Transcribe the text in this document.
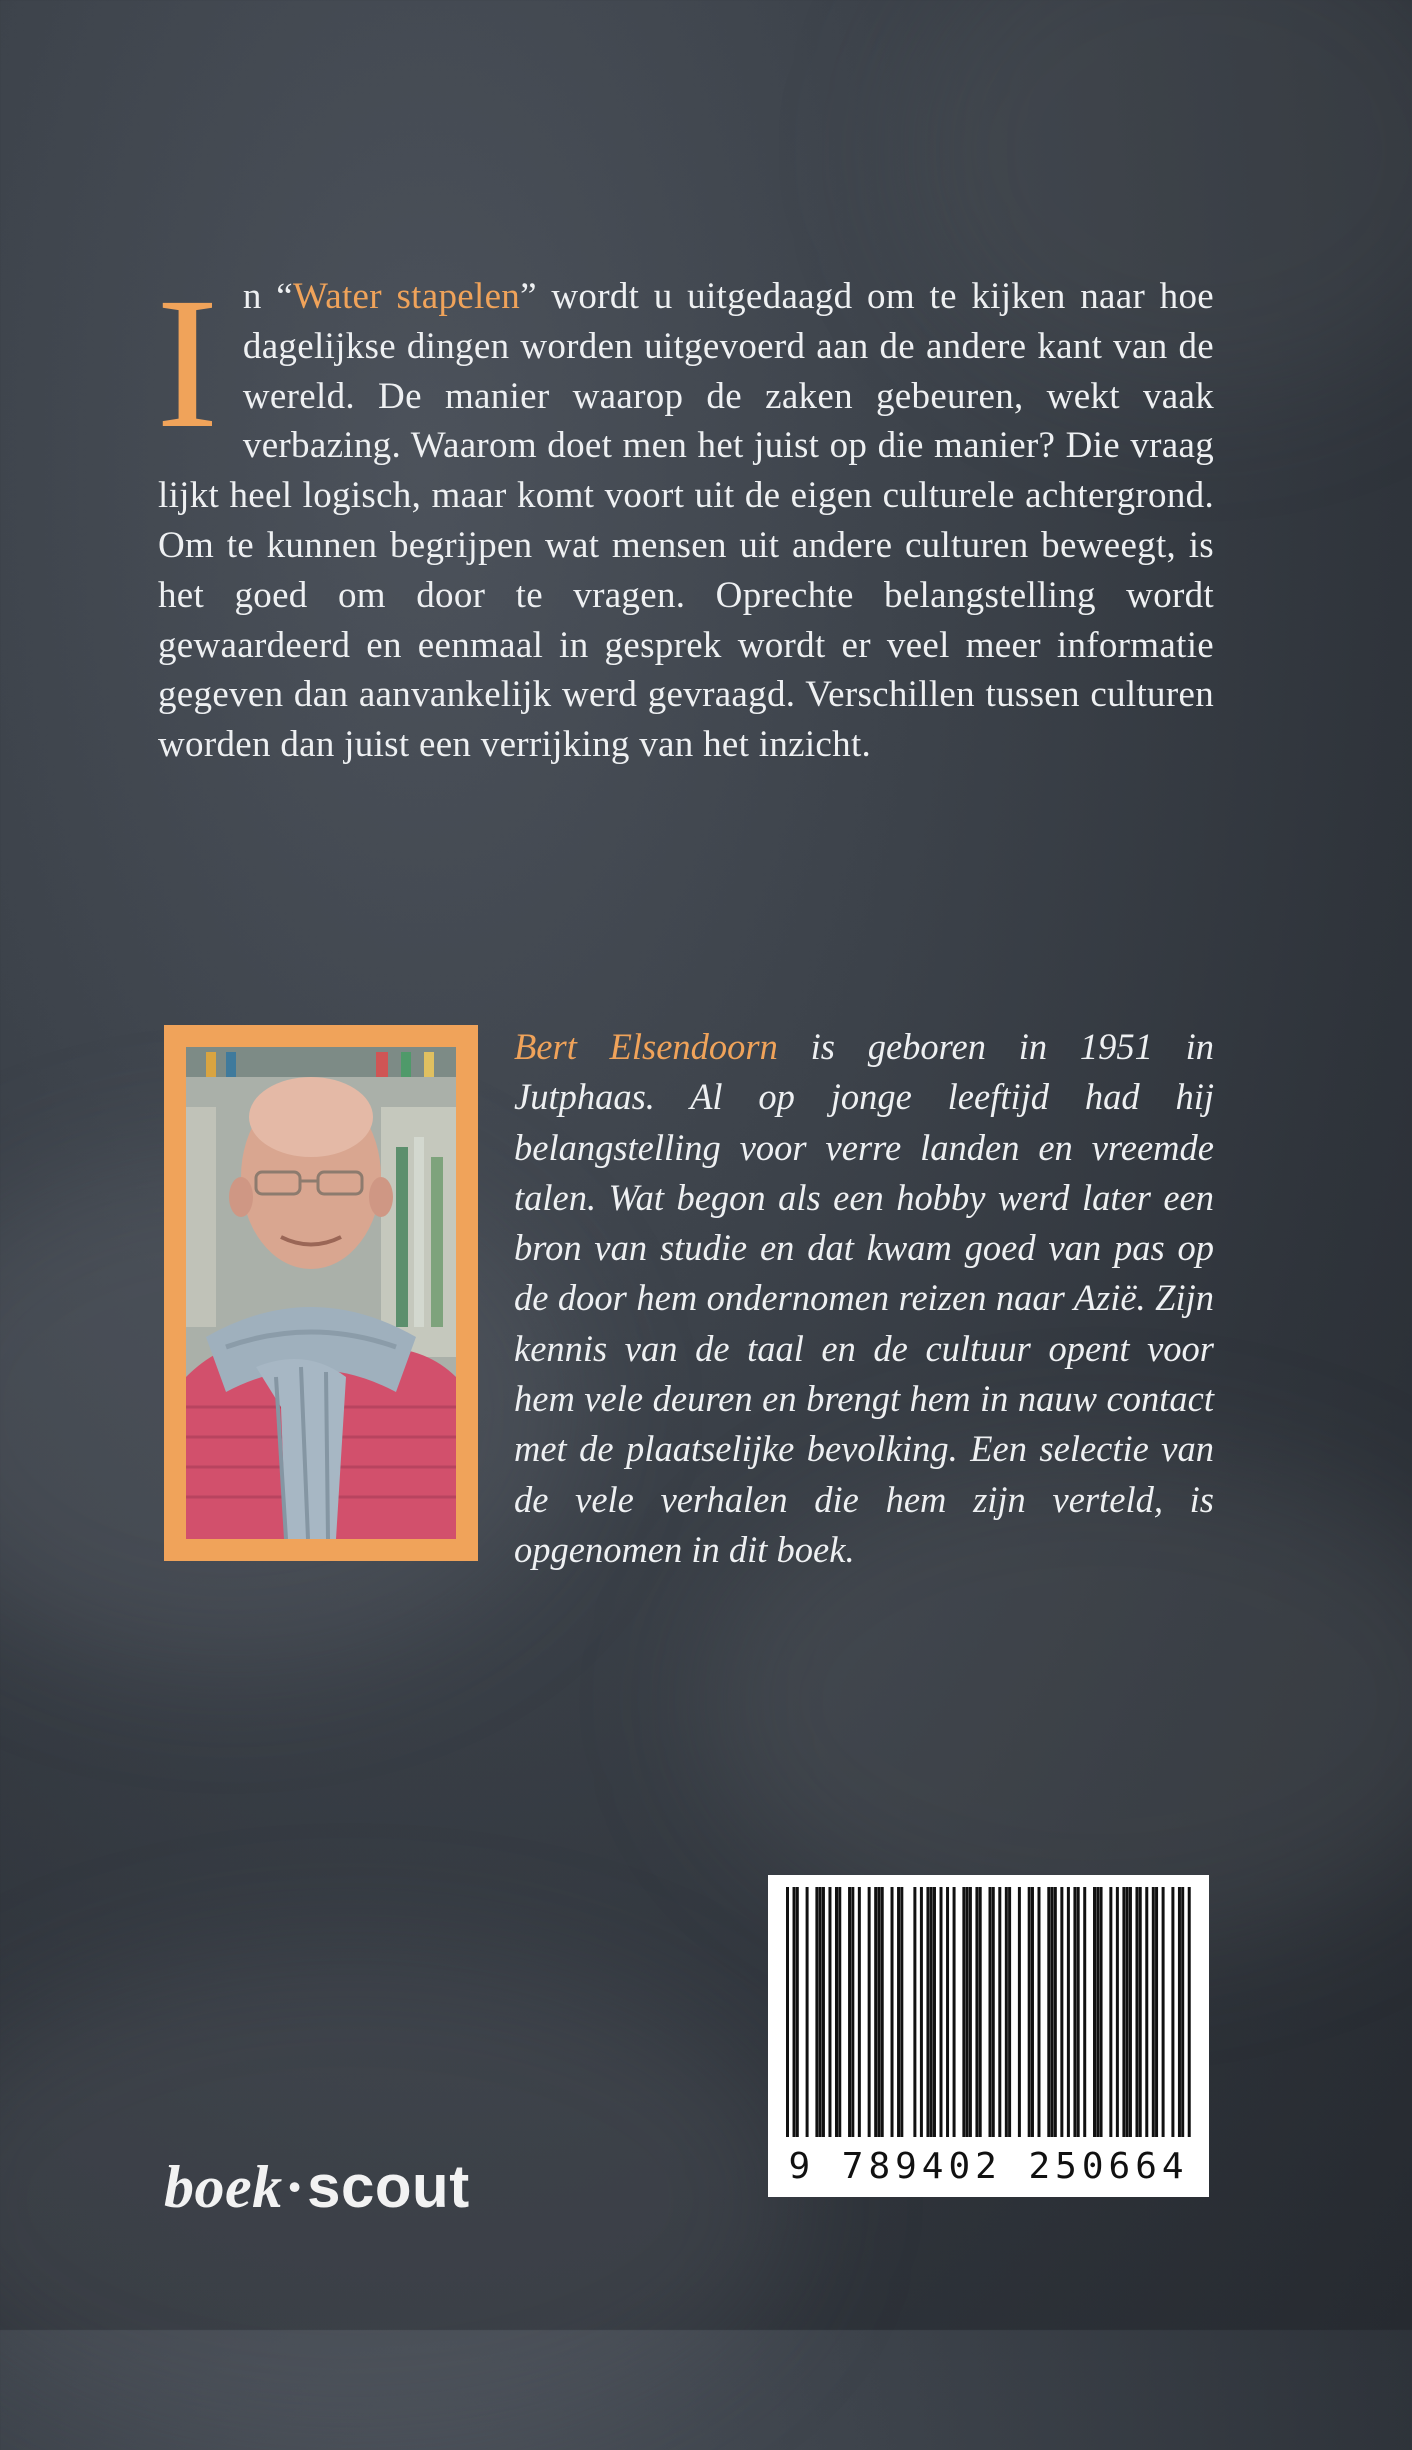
In “Water stapelen” wordt u uitgedaagd om te kijken naar hoe dagelijkse dingen worden uitgevoerd aan de andere kant van de wereld. De manier waarop de zaken gebeuren, wekt vaak verbazing. Waarom doet men het juist op die manier? Die vraag lijkt heel logisch, maar komt voort uit de eigen culturele achtergrond. Om te kunnen begrijpen wat mensen uit andere culturen beweegt, is het goed om door te vragen. Oprechte belangstelling wordt gewaardeerd en eenmaal in gesprek wordt er veel meer informatie gegeven dan aanvankelijk werd gevraagd. Verschillen tussen culturen worden dan juist een verrijking van het inzicht.
Bert Elsendoorn is geboren in 1951 in Jutphaas. Al op jonge leeftijd had hij belangstelling voor verre landen en vreemde talen. Wat begon als een hobby werd later een bron van studie en dat kwam goed van pas op de door hem ondernomen reizen naar Azië. Zijn kennis van de taal en de cultuur opent voor hem vele deuren en brengt hem in nauw contact met de plaatselijke bevolking. Een selectie van de vele verhalen die hem zijn verteld, is opgenomen in dit boek.
9 789402 250664
boek·scout
